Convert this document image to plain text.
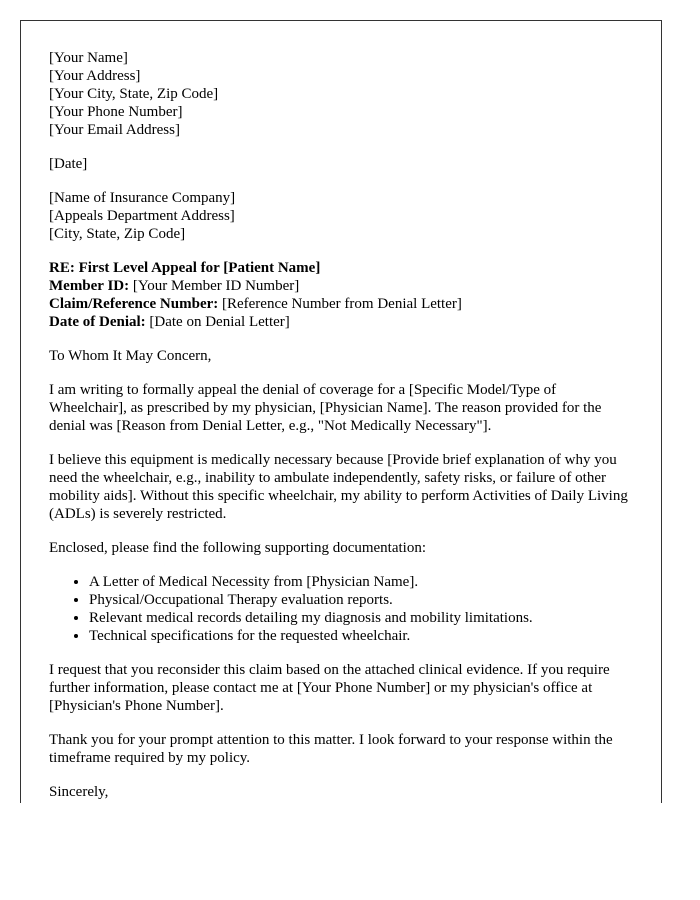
[Your Name]
[Your Address]
[Your City, State, Zip Code]
[Your Phone Number]
[Your Email Address]
[Date]
[Name of Insurance Company]
[Appeals Department Address]
[City, State, Zip Code]
RE: First Level Appeal for [Patient Name]
Member ID: [Your Member ID Number]
Claim/Reference Number: [Reference Number from Denial Letter]
Date of Denial: [Date on Denial Letter]

To Whom It May Concern,

I am writing to formally appeal the denial of coverage for a [Specific Model/Type of Wheelchair], as prescribed by my physician, [Physician Name]. The reason provided for the denial was [Reason from Denial Letter, e.g., "Not Medically Necessary"].

I believe this equipment is medically necessary because [Provide brief explanation of why you need the wheelchair, e.g., inability to ambulate independently, safety risks, or failure of other mobility aids]. Without this specific wheelchair, my ability to perform Activities of Daily Living (ADLs) is severely restricted.

Enclosed, please find the following supporting documentation:

• A Letter of Medical Necessity from [Physician Name].
• Physical/Occupational Therapy evaluation reports.
• Relevant medical records detailing my diagnosis and mobility limitations.
• Technical specifications for the requested wheelchair.

I request that you reconsider this claim based on the attached clinical evidence. If you require further information, please contact me at [Your Phone Number] or my physician's office at [Physician's Phone Number].

Thank you for your prompt attention to this matter. I look forward to your response within the timeframe required by my policy.

Sincerely,
